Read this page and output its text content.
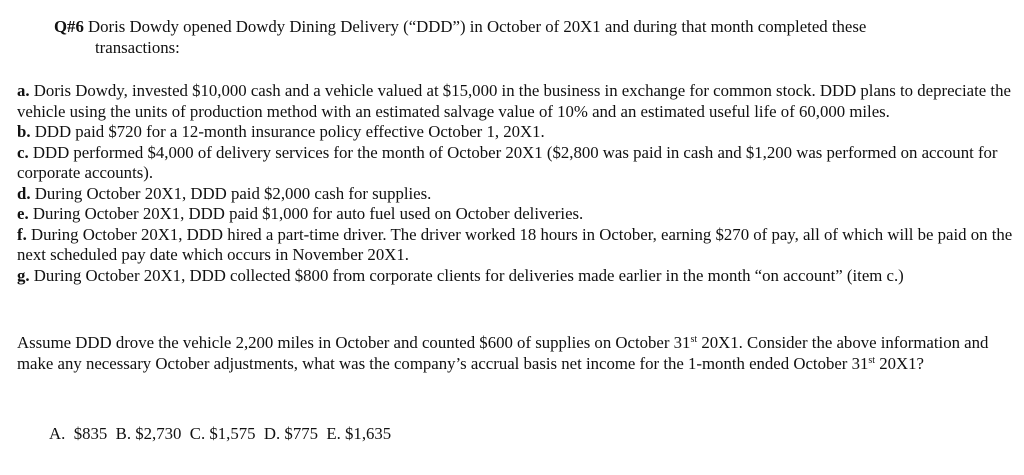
Q#6 Doris Dowdy opened Dowdy Dining Delivery (“DDD”) in October of 20X1 and during that month completed these
transactions:

a. Doris Dowdy, invested $10,000 cash and a vehicle valued at $15,000 in the business in exchange for common stock. DDD plans to depreciate the vehicle using the units of production method with an estimated salvage value of 10% and an estimated useful life of 60,000 miles.

b. DDD paid $720 for a 12-month insurance policy effective October 1, 20X1.

c. DDD performed $4,000 of delivery services for the month of October 20X1 ($2,800 was paid in cash and $1,200 was performed on account for corporate accounts).

d. During October 20X1, DDD paid $2,000 cash for supplies.

e. During October 20X1, DDD paid $1,000 for auto fuel used on October deliveries.

f. During October 20X1, DDD hired a part-time driver. The driver worked 18 hours in October, earning $270 of pay, all of which will be paid on the next scheduled pay date which occurs in November 20X1.

g. During October 20X1, DDD collected $800 from corporate clients for deliveries made earlier in the month “on account” (item c.)

Assume DDD drove the vehicle 2,200 miles in October and counted $600 of supplies on October 31st 20X1. Consider the above information and make any necessary October adjustments, what was the company’s accrual basis net income for the 1-month ended October 31st 20X1?
A.  $835 B. $2,730 C. $1,575 D. $775 E. $1,635
